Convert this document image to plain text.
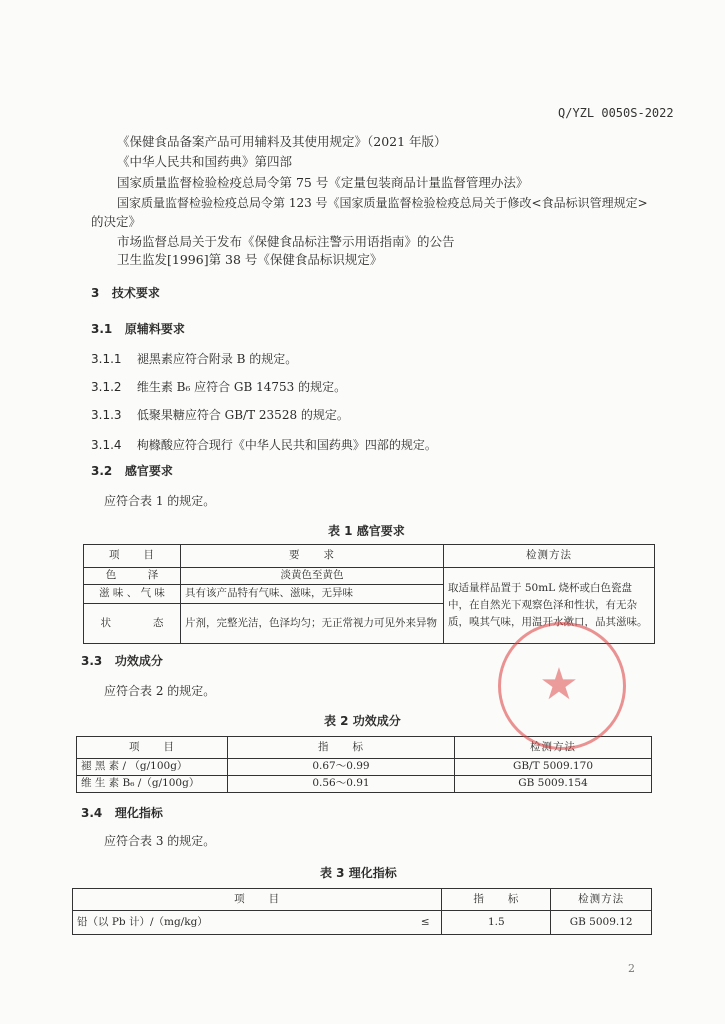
Q/YZL 0050S-2022
《保健食品备案产品可用辅料及其使用规定》（2021 年版）
《中华人民共和国药典》第四部
国家质量监督检验检疫总局令第 75 号《定量包装商品计量监督管理办法》
国家质量监督检验检疫总局令第 123 号《国家质量监督检验检疫总局关于修改<食品标识管理规定>
的决定》
市场监督总局关于发布《保健食品标注警示用语指南》的公告
卫生监发[1996]第 38 号《保健食品标识规定》
3 技术要求
3.1 原辅料要求
3.1.1 褪黑素应符合附录 B 的规定。
3.1.2 维生素 B₆ 应符合 GB 14753 的规定。
3.1.3 低聚果糖应符合 GB/T 23528 的规定。
3.1.4 枸橼酸应符合现行《中华人民共和国药典》四部的规定。
3.2 感官要求
应符合表 1 的规定。
表 1 感官要求
项　　目	要　　求	检测方法
色　　　泽	淡黄色至黄色	取适量样品置于 50mL 烧杯或白色瓷盘中，在自然光下观察色泽和性状，有无杂质，嗅其气味，用温开水漱口，品其滋味。
滋 味 、 气 味	具有该产品特有气味、滋味，无异味	
状　　　　态	片剂，完整光洁，色泽均匀；无正常视力可见外来异物	
3.3 功效成分
应符合表 2 的规定。
表 2 功效成分
项　　目	指　　标	检测方法
褪 黑 素 / （g/100g）	0.67～0.99	GB/T 5009.170
维 生 素 B₆ /（g/100g）	0.56～0.91	GB 5009.154
3.4 理化指标
应符合表 3 的规定。
表 3 理化指标
项　　目		指　　标	检测方法
铅（以 Pb 计）/（mg/kg）	≤	1.5	GB 5009.12
★
2
